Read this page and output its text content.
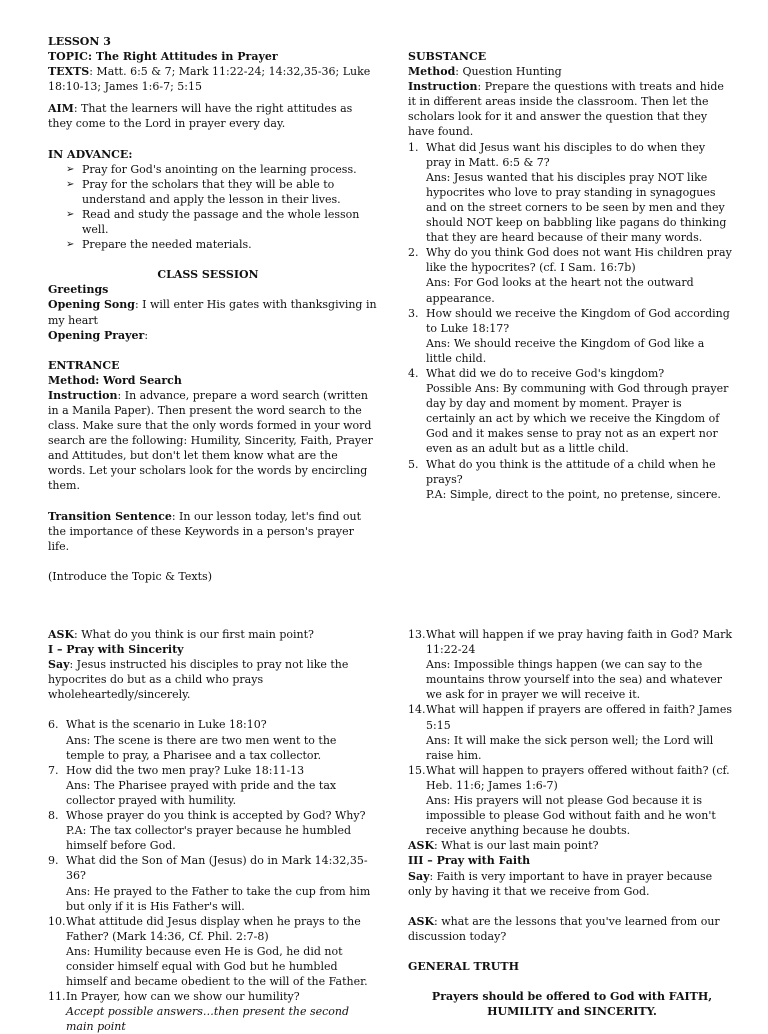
LESSON 3

TOPIC: The Right Attitudes in Prayer

TEXTS: Matt. 6:5 & 7; Mark 11:22-24; 14:32,35-36; Luke 18:10-13; James 1:6-7; 5:15

AIM: That the learners will have the right attitudes as they come to the Lord in prayer every day.

IN ADVANCE:

➢ Pray for God's anointing on the learning process.
➢ Pray for the scholars that they will be able to understand and apply the lesson in their lives.
➢ Read and study the passage and the whole lesson well.
➢ Prepare the needed materials.

CLASS SESSION

Greetings

Opening Song: I will enter His gates with thanksgiving in my heart

Opening Prayer:

ENTRANCE

Method: Word Search

Instruction: In advance, prepare a word search (written in a Manila Paper). Then present the word search to the class. Make sure that the only words formed in your word search are the following: Humility, Sincerity, Faith, Prayer and Attitudes, but don't let them know what are the words. Let your scholars look for the words by encircling them.

Transition Sentence: In our lesson today, let's find out the importance of these Keywords in a person's prayer life.

(Introduce the Topic & Texts)

SUBSTANCE

Method: Question Hunting

Instruction: Prepare the questions with treats and hide it in different areas inside the classroom. Then let the scholars look for it and answer the question that they have found.

1. What did Jesus want his disciples to do when they pray in Matt. 6:5 & 7?

Ans: Jesus wanted that his disciples pray NOT like hypocrites who love to pray standing in synagogues and on the street corners to be seen by men and they should NOT keep on babbling like pagans do thinking that they are heard because of their many words.

2. Why do you think God does not want His children pray like the hypocrites? (cf. I Sam. 16:7b)

Ans: For God looks at the heart not the outward appearance.

3. How should we receive the Kingdom of God according to Luke 18:17?

Ans: We should receive the Kingdom of God like a little child.

4. What did we do to receive God's kingdom?

Possible Ans: By communing with God through prayer day by day and moment by moment. Prayer is certainly an act by which we receive the Kingdom of God and it makes sense to pray not as an expert nor even as an adult but as a little child.

5. What do you think is the attitude of a child when he prays?

P.A: Simple, direct to the point, no pretense, sincere.

ASK: What do you think is our first main point?

I – Pray with Sincerity

Say: Jesus instructed his disciples to pray not like the hypocrites do but as a child who prays wholeheartedly/sincerely.

6. What is the scenario in Luke 18:10?

Ans: The scene is there are two men went to the temple to pray, a Pharisee and a tax collector.

7. How did the two men pray? Luke 18:11-13

Ans: The Pharisee prayed with pride and the tax collector prayed with humility.

8. Whose prayer do you think is accepted by God? Why?

P.A: The tax collector's prayer because he humbled himself before God.

9. What did the Son of Man (Jesus) do in Mark 14:32,35-36?

Ans: He prayed to the Father to take the cup from him but only if it is His Father's will.

10. What attitude did Jesus display when he prays to the Father? (Mark 14:36, Cf. Phil. 2:7-8)

Ans: Humility because even He is God, he did not consider himself equal with God but he humbled himself and became obedient to the will of the Father.

11. In Prayer, how can we show our humility?

Accept possible answers…then present the second main point

13. What will happen if we pray having faith in God? Mark 11:22-24

Ans: Impossible things happen (we can say to the mountains throw yourself into the sea) and whatever we ask for in prayer we will receive it.

14. What will happen if prayers are offered in faith? James 5:15

Ans: It will make the sick person well; the Lord will raise him.

15. What will happen to prayers offered without faith? (cf. Heb. 11:6; James 1:6-7)

Ans: His prayers will not please God because it is impossible to please God without faith and he won't receive anything because he doubts.

ASK: What is our last main point?

III – Pray with Faith

Say: Faith is very important to have in prayer because only by having it that we receive from God.

ASK: what are the lessons that you've learned from our discussion today?

GENERAL TRUTH

Prayers should be offered to God with FAITH, HUMILITY and SINCERITY.
